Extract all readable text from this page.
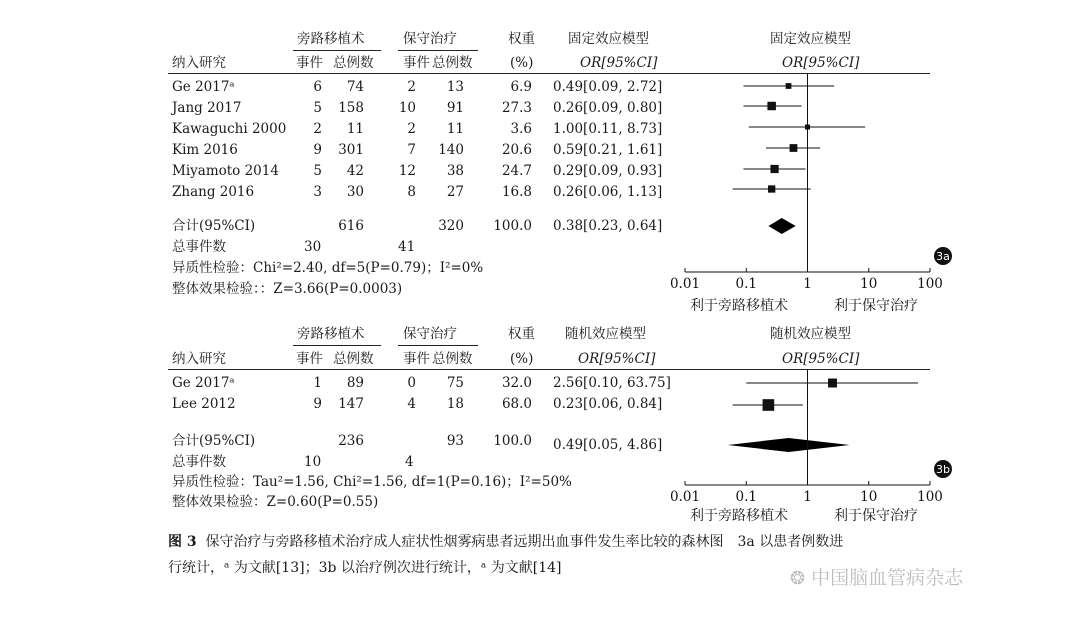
旁路移植术	保守治疗	权重 固定效应模型	固定效应模型
纳入研究	事件 总例数 事件 总例数	(%)	OR[95%CI]	OR[95%CI]
Ge 2017ᵃ	6	74	2	13	6.9 0.49[0.09, 2.72]
Jang 2017	5	158	10	91	27.3 0.26[0.09, 0.80]
Kawaguchi 2000	2	11	2	11	3.6 1.00[0.11, 8.73]
Kim 2016	9	301	7	140	20.6 0.59[0.21, 1.61]
Miyamoto 2014	5	42	12	38	24.7 0.29[0.09, 0.93]
Zhang 2016	3	30	8	27	16.8 0.26[0.06, 1.13]
合计(95%CI)	616	320	100.0 0.38[0.23, 0.64]
总事件数	30	41
异质性检验：Chi²=2.40, df=5(P=0.79)；I²=0%
整体效果检验：：Z=3.66(P=0.0003)
利于旁路移植术	利于保守治疗
旁路移植术	保守治疗	权重 随机效应模型	随机效应模型
纳入研究	事件 总例数 事件 总例数	(%)	OR[95%CI]	OR[95%CI]
Ge 2017ᵃ	1	89	0	75	32.0 2.56[0.10, 63.75]
Lee 2012	9	147	4	18	68.0 0.23[0.06, 0.84]
合计(95%CI)	236	93	100.0 0.49[0.05, 4.86]
总事件数	10	4
异质性检验：Tau²=1.56, Chi²=1.56, df=1(P=0.16)；I²=50%
整体效果检验：Z=0.60(P=0.55)
利于旁路移植术	利于保守治疗
0.01	0.1	1	10	100
3a
0.01	0.1	1	10	100
3b
图 3 保守治疗与旁路移植术治疗成人症状性烟雾病患者远期出血事件发生率比较的森林图　3a 以患者例数进
行统计，ᵃ 为文献[13]；3b 以治疗例次进行统计，ᵃ 为文献[14]	❂ 中国脑血管病杂志
